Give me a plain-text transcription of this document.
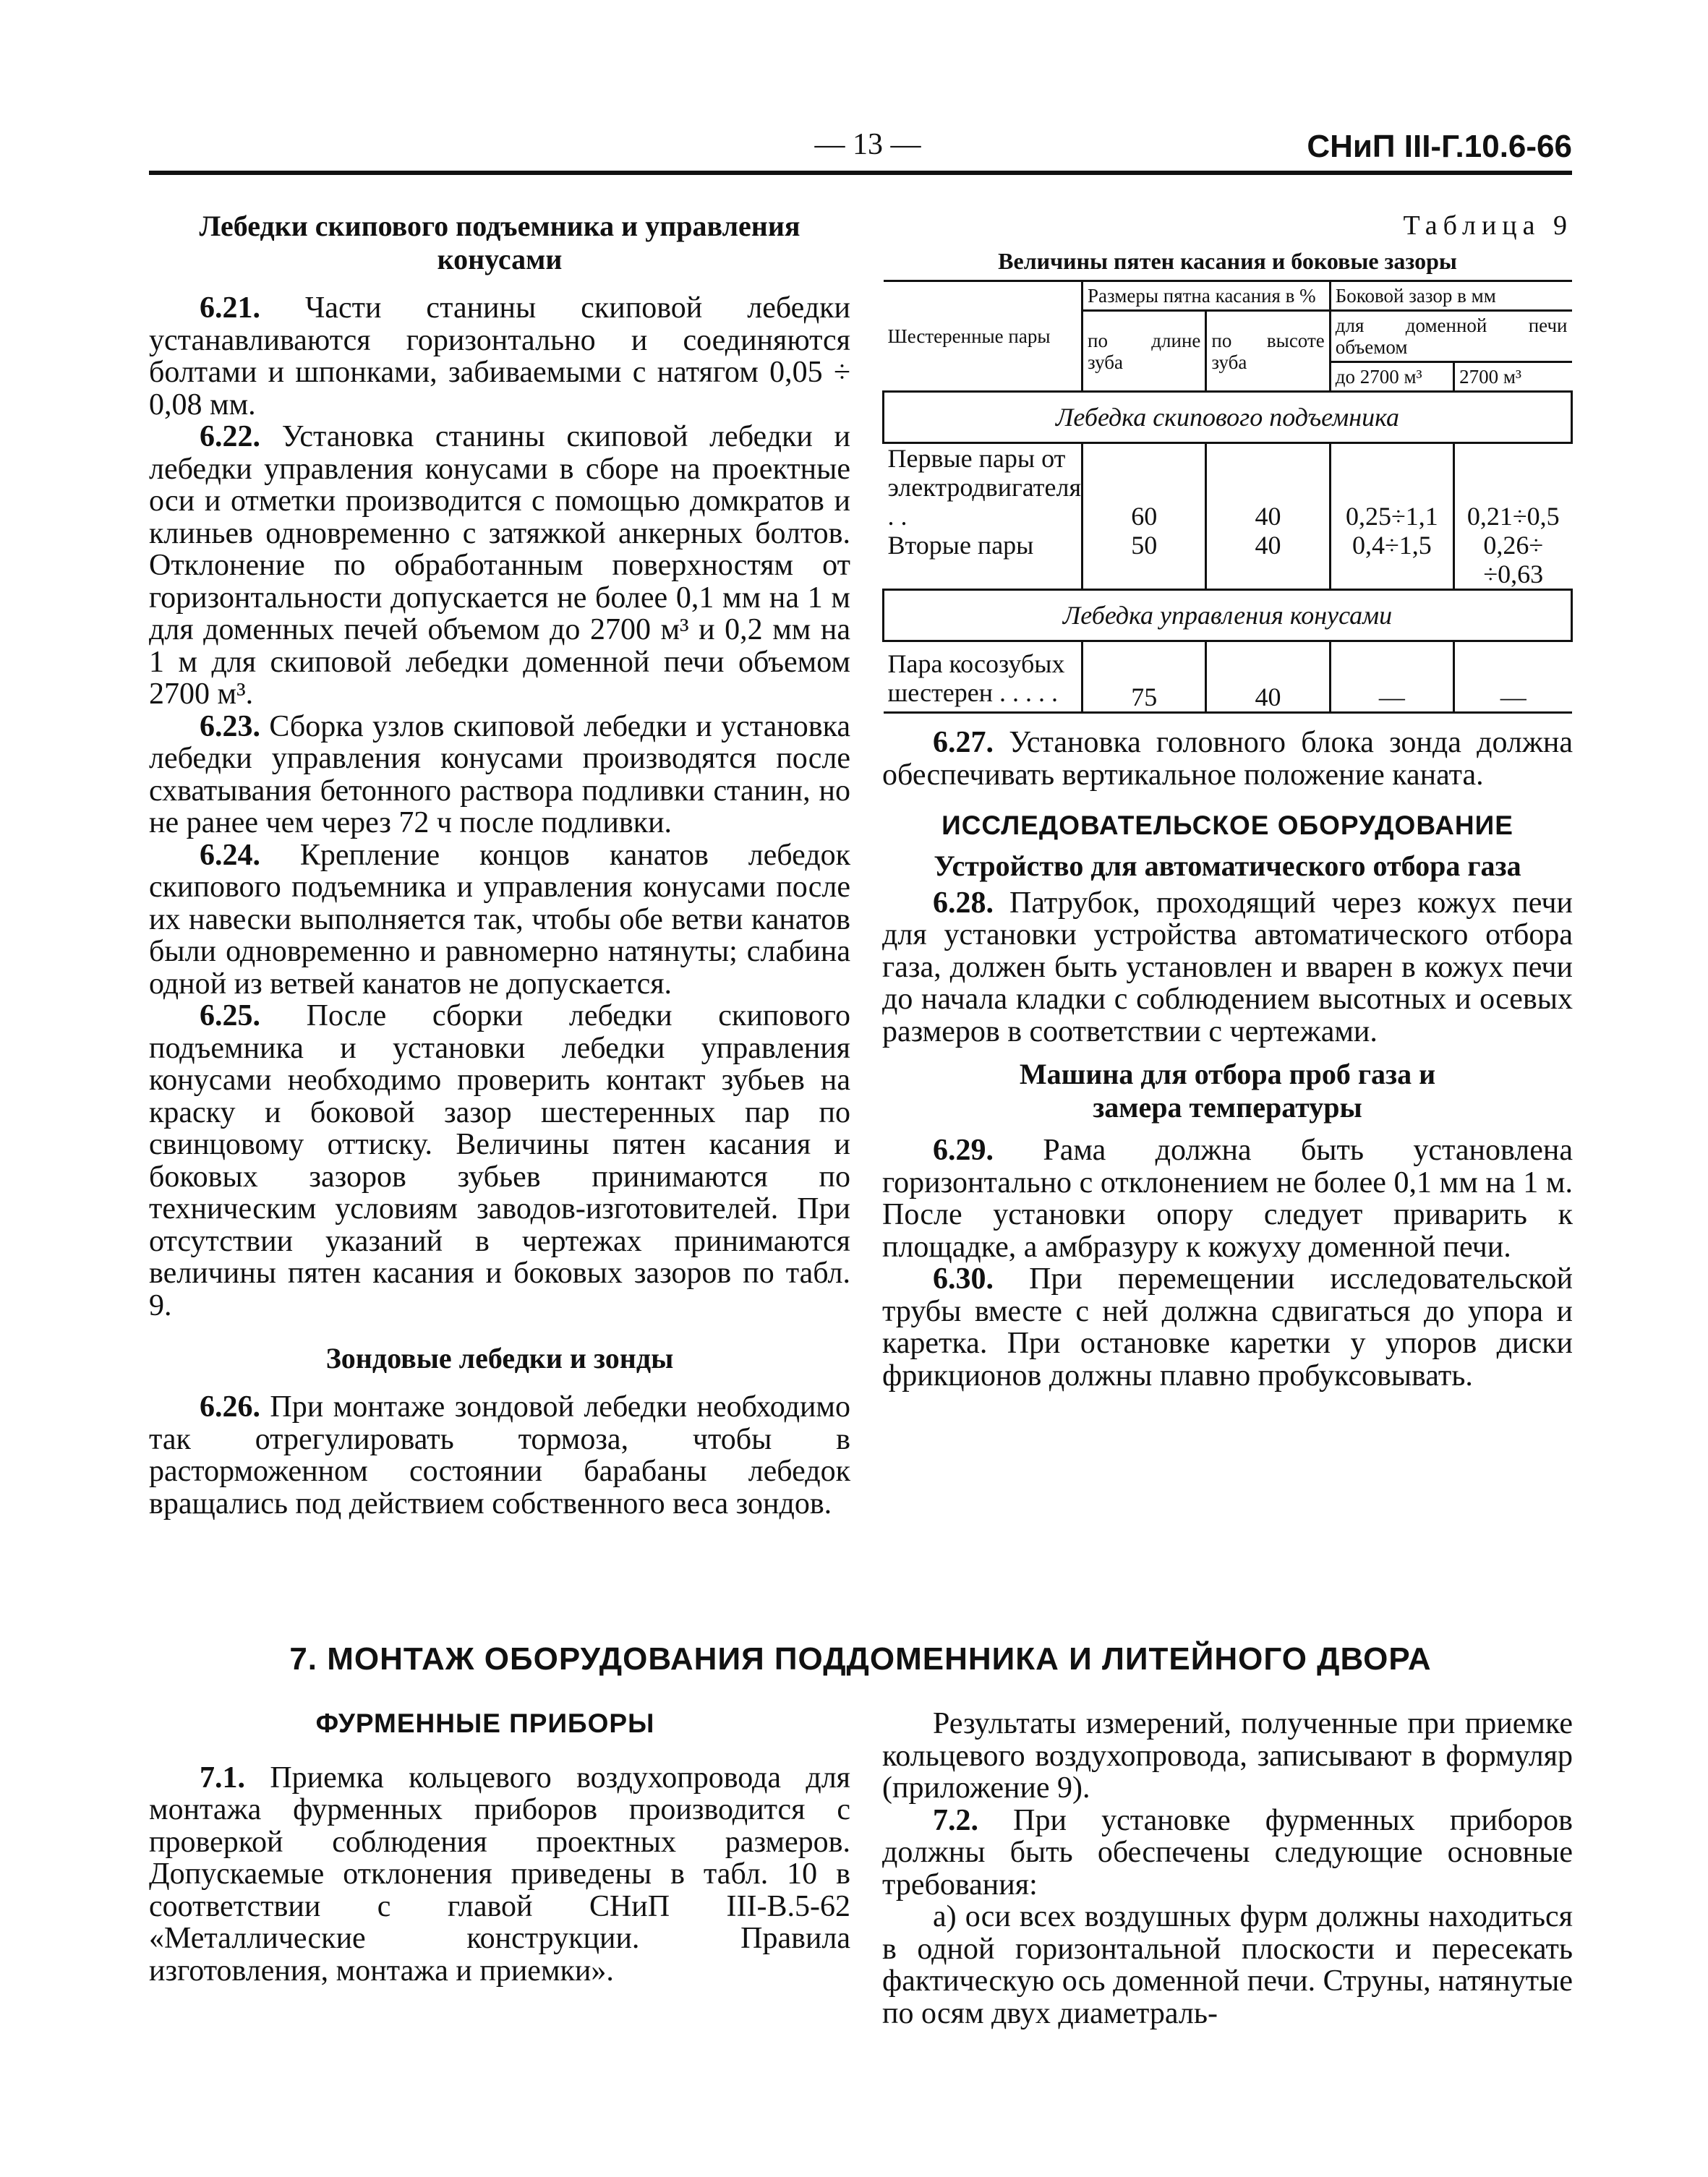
— 13 —	СНиП III-Г.10.6-66
Лебедки скипового подъемника и управления конусами

6.21. Части станины скиповой лебедки устанавливаются горизонтально и соединяются болтами и шпонками, забиваемыми с натягом 0,05 ÷ 0,08 мм.

6.22. Установка станины скиповой лебедки и лебедки управления конусами в сборе на проектные оси и отметки производится с помощью домкратов и клиньев одновременно с затяжкой анкерных болтов. Отклонение по обработанным поверхностям от горизонтальности допускается не более 0,1 мм на 1 м для доменных печей объемом до 2700 м³ и 0,2 мм на 1 м для скиповой лебедки доменной печи объемом 2700 м³.

6.23. Сборка узлов скиповой лебедки и установка лебедки управления конусами производятся после схватывания бетонного раствора подливки станин, но не ранее чем через 72 ч после подливки.

6.24. Крепление концов канатов лебедок скипового подъемника и управления конусами после их навески выполняется так, чтобы обе ветви канатов были одновременно и равномерно натянуты; слабина одной из ветвей канатов не допускается.

6.25. После сборки лебедки скипового подъемника и установки лебедки управления конусами необходимо проверить контакт зубьев на краску и боковой зазор шестеренных пар по свинцовому оттиску. Величины пятен касания и боковых зазоров зубьев принимаются по техническим условиям заводов-изготовителей. При отсутствии указаний в чертежах принимаются величины пятен касания и боковых зазоров по табл. 9.

Зондовые лебедки и зонды

6.26. При монтаже зондовой лебедки необходимо так отрегулировать тормоза, чтобы в расторможенном состоянии барабаны лебедок вращались под действием собственного веса зондов.

Таблица 9
Величины пятен касания и боковые зазоры
Шестеренные пары	Размеры пятна касания в %		Боковой зазор в мм	
	по длине зуба	по высоте зуба	для доменной печи объемом	
			до 2700 м³	2700 м³
Лебедка скипового подъемника				
Первые пары от электродвигателя . .	60	40	0,25÷1,1	0,21÷0,5
Вторые пары	50	40	0,4÷1,5	0,26÷ ÷0,63
Лебедка управления конусами				
Пара косозубых шестерен . . . . .	75	40	—	—

6.27. Установка головного блока зонда должна обеспечивать вертикальное положение каната.

ИССЛЕДОВАТЕЛЬСКОЕ ОБОРУДОВАНИЕ
Устройство для автоматического отбора газа

6.28. Патрубок, проходящий через кожух печи для установки устройства автоматического отбора газа, должен быть установлен и вварен в кожух печи до начала кладки с соблюдением высотных и осевых размеров в соответствии с чертежами.

Машина для отбора проб газа и замера температуры

6.29. Рама должна быть установлена горизонтально с отклонением не более 0,1 мм на 1 м. После установки опору следует приварить к площадке, а амбразуру к кожуху доменной печи.

6.30. При перемещении исследовательской трубы вместе с ней должна сдвигаться до упора и каретка. При остановке каретки у упоров диски фрикционов должны плавно пробуксовывать.

7. МОНТАЖ ОБОРУДОВАНИЯ ПОДДОМЕННИКА И ЛИТЕЙНОГО ДВОРА
ФУРМЕННЫЕ ПРИБОРЫ

7.1. Приемка кольцевого воздухопровода для монтажа фурменных приборов производится с проверкой соблюдения проектных размеров. Допускаемые отклонения приведены в табл. 10 в соответствии с главой СНиП III-В.5-62 «Металлические конструкции. Правила изготовления, монтажа и приемки».

Результаты измерений, полученные при приемке кольцевого воздухопровода, записывают в формуляр (приложение 9).

7.2. При установке фурменных приборов должны быть обеспечены следующие основные требования:

а) оси всех воздушных фурм должны находиться в одной горизонтальной плоскости и пересекать фактическую ось доменной печи. Струны, натянутые по осям двух диаметраль-
